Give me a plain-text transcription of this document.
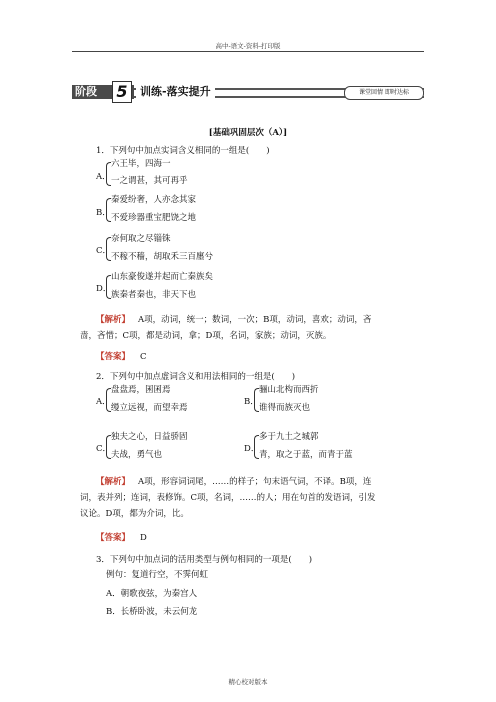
高中-语文-资料-打印版
阶段 5	训练-落实提升	课堂回情 即时达标
[基础巩固层次（A）]
1．下列句中加点实词含义相同的一组是(　　)
A．
六王毕，四海一
一之谓甚，其可再乎
B．
秦爱纷奢，人亦念其家
不爱珍器重宝肥饶之地
C．
奈何取之尽锱铢
不稼不穑，胡取禾三百廛兮
D．
山东豪俊遂并起而亡秦族矣
族秦者秦也，非天下也
【解析】 A项，动词，统一；数词，一次；B项，动词，喜欢；动词，吝
啬，吝惜；C项，都是动词，拿；D项，名词，家族；动词，灭族。
【答案】 C
2．下列句中加点虚词含义和用法相同的一组是(　　)
A．
盘盘焉，囷囷焉
缦立远视，而望幸焉
B．
骊山北构而西折
谁得而族灭也
C．
独夫之心，日益骄固
夫战，勇气也
D．
多于九土之城郭
青，取之于蓝，而青于蓝
【解析】 A项，形容词词尾，……的样子；句末语气词，不译。B项，连
词，表并列；连词，表修饰。C项，名词，……的人；用在句首的发语词，引发
议论。D项，都为介词，比。
【答案】 D
3．下列句中加点词的活用类型与例句相同的一项是(　　)
例句：复道行空，不霁何虹
A．朝歌夜弦，为秦宫人
B．长桥卧波，未云何龙
精心校对版本
